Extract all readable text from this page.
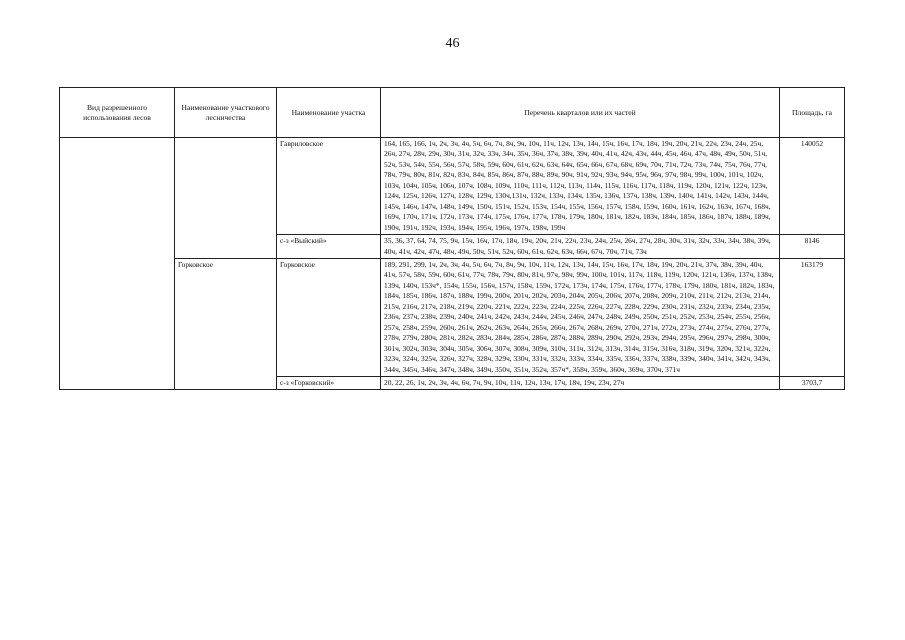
46
Вид разрешенного использования лесов	Наименование участкового лесничества	Наименование участка	Перечень кварталов или их частей	Площадь, га
		Гавриловское	164, 165, 166, 1ч, 2ч, 3ч, 4ч, 5ч, 6ч, 7ч, 8ч, 9ч, 10ч, 11ч, 12ч, 13ч, 14ч, 15ч, 16ч, 17ч, 18ч, 19ч, 20ч, 21ч, 22ч, 23ч, 24ч, 25ч, 26ч, 27ч, 28ч, 29ч, 30ч, 31ч, 32ч, 33ч, 34ч, 35ч, 36ч, 37ч, 38ч, 39ч, 40ч, 41ч, 42ч, 43ч, 44ч, 45ч, 46ч, 47ч, 48ч, 49ч, 50ч, 51ч, 52ч, 53ч, 54ч, 55ч, 56ч, 57ч, 58ч, 59ч, 60ч, 61ч, 62ч, 63ч, 64ч, 65ч, 66ч, 67ч, 68ч, 69ч, 70ч, 71ч, 72ч, 73ч, 74ч, 75ч, 76ч, 77ч, 78ч, 79ч, 80ч, 81ч, 82ч, 83ч, 84ч, 85ч, 86ч, 87ч, 88ч, 89ч, 90ч, 91ч, 92ч, 93ч, 94ч, 95ч, 96ч, 97ч, 98ч, 99ч, 100ч, 101ч, 102ч, 103ч, 104ч, 105ч, 106ч, 107ч, 108ч, 109ч, 110ч, 111ч, 112ч, 113ч, 114ч, 115ч, 116ч, 117ч, 118ч, 119ч, 120ч, 121ч, 122ч, 123ч, 124ч, 125ч, 126ч, 127ч, 128ч, 129ч, 130ч,131ч, 132ч, 133ч, 134ч, 135ч, 136ч, 137ч, 138ч, 139ч, 140ч, 141ч, 142ч, 143ч, 144ч, 145ч, 146ч, 147ч, 148ч, 149ч, 150ч, 151ч, 152ч, 153ч, 154ч, 155ч, 156ч, 157ч, 158ч, 159ч, 160ч, 161ч, 162ч, 163ч, 167ч, 168ч, 169ч, 170ч, 171ч, 172ч, 173ч, 174ч, 175ч, 176ч, 177ч, 178ч, 179ч, 180ч, 181ч, 182ч, 183ч, 184ч, 185ч, 186ч, 187ч, 188ч, 189ч, 190ч, 191ч, 192ч, 193ч, 194ч, 195ч, 196ч, 197ч, 198ч, 199ч	140052
		с-з «Выйский»	35, 36, 37, 64, 74, 75, 9ч, 15ч, 16ч, 17ч, 18ч, 19ч, 20ч, 21ч, 22ч, 23ч, 24ч, 25ч, 26ч, 27ч, 28ч, 30ч, 31ч, 32ч, 33ч, 34ч, 38ч, 39ч, 40ч, 41ч, 42ч, 47ч, 48ч, 49ч, 50ч, 51ч, 52ч, 60ч, 61ч, 62ч, 63ч, 66ч, 67ч, 70ч, 71ч, 73ч	8146
	Горковское	Горковское	189, 291, 299, 1ч, 2ч, 3ч, 4ч, 5ч, 6ч, 7ч, 8ч, 9ч, 10ч, 11ч, 12ч, 13ч, 14ч, 15ч, 16ч, 17ч, 18ч, 19ч, 20ч, 21ч, 37ч, 38ч, 39ч, 40ч, 41ч, 57ч, 58ч, 59ч, 60ч, 61ч, 77ч, 78ч, 79ч, 80ч, 81ч, 97ч, 98ч, 99ч, 100ч, 101ч, 117ч, 118ч, 119ч, 120ч, 121ч, 136ч, 137ч, 138ч, 139ч, 140ч, 153ч*, 154ч, 155ч, 156ч, 157ч, 158ч, 159ч, 172ч, 173ч, 174ч, 175ч, 176ч, 177ч, 178ч, 179ч, 180ч, 181ч, 182ч, 183ч, 184ч, 185ч, 186ч, 187ч, 188ч, 199ч, 200ч, 201ч, 202ч, 203ч, 204ч, 205ч, 206ч, 207ч, 208ч, 209ч, 210ч, 211ч, 212ч, 213ч, 214ч, 215ч, 216ч, 217ч, 218ч, 219ч, 220ч, 221ч, 222ч, 223ч, 224ч, 225ч, 226ч, 227ч, 228ч, 229ч, 230ч, 231ч, 232ч, 233ч, 234ч, 235ч, 236ч, 237ч, 238ч, 239ч, 240ч, 241ч, 242ч, 243ч, 244ч, 245ч, 246ч, 247ч, 248ч, 249ч, 250ч, 251ч, 252ч, 253ч, 254ч, 255ч, 256ч, 257ч, 258ч, 259ч, 260ч, 261ч, 262ч, 263ч, 264ч, 265ч, 266ч, 267ч, 268ч, 269ч, 270ч, 271ч, 272ч, 273ч, 274ч, 275ч, 276ч, 277ч, 278ч, 279ч, 280ч, 281ч, 282ч, 283ч, 284ч, 285ч, 286ч, 287ч, 288ч, 289ч, 290ч, 292ч, 293ч, 294ч, 295ч, 296ч, 297ч, 298ч, 300ч, 301ч, 302ч, 303ч, 304ч, 305ч, 306ч, 307ч, 308ч, 309ч, 310ч, 311ч, 312ч, 313ч, 314ч, 315ч, 316ч, 318ч, 319ч, 320ч, 321ч, 322ч, 323ч, 324ч, 325ч, 326ч, 327ч, 328ч, 329ч, 330ч, 331ч, 332ч, 333ч, 334ч, 335ч, 336ч, 337ч, 338ч, 339ч, 340ч, 341ч, 342ч, 343ч, 344ч, 345ч, 346ч, 347ч, 348ч, 349ч, 350ч, 351ч, 352ч, 357ч*, 358ч, 359ч, 360ч, 369ч, 370ч, 371ч	163179
		с-з «Горковский»	20, 22, 26, 1ч, 2ч, 3ч, 4ч, 6ч, 7ч, 9ч, 10ч, 11ч, 12ч, 13ч, 17ч, 18ч, 19ч, 23ч, 27ч	3703,7
